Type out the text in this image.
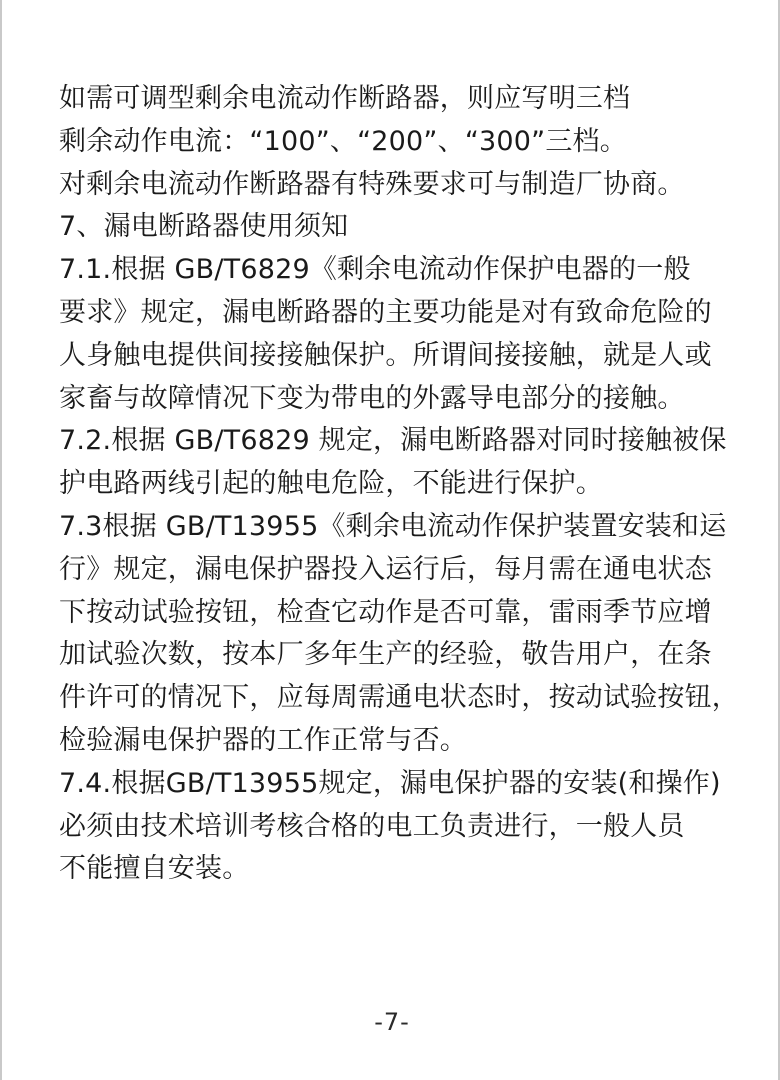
如需可调型剩余电流动作断路器，则应写明三档
剩余动作电流：“100”、“200”、“300”三档。
对剩余电流动作断路器有特殊要求可与制造厂协商。
7、漏电断路器使用须知
7.1.根据 GB/T6829《剩余电流动作保护电器的一般
要求》规定，漏电断路器的主要功能是对有致命危险的
人身触电提供间接接触保护。所谓间接接触，就是人或
家畜与故障情况下变为带电的外露导电部分的接触。
7.2.根据 GB/T6829 规定，漏电断路器对同时接触被保
护电路两线引起的触电危险，不能进行保护。
7.3根据 GB/T13955《剩余电流动作保护装置安装和运
行》规定，漏电保护器投入运行后，每月需在通电状态
下按动试验按钮，检查它动作是否可靠，雷雨季节应增
加试验次数，按本厂多年生产的经验，敬告用户，在条
件许可的情况下，应每周需通电状态时，按动试验按钮，
检验漏电保护器的工作正常与否。
7.4.根据GB/T13955规定，漏电保护器的安装(和操作)
必须由技术培训考核合格的电工负责进行，一般人员
不能擅自安装。
-7-
